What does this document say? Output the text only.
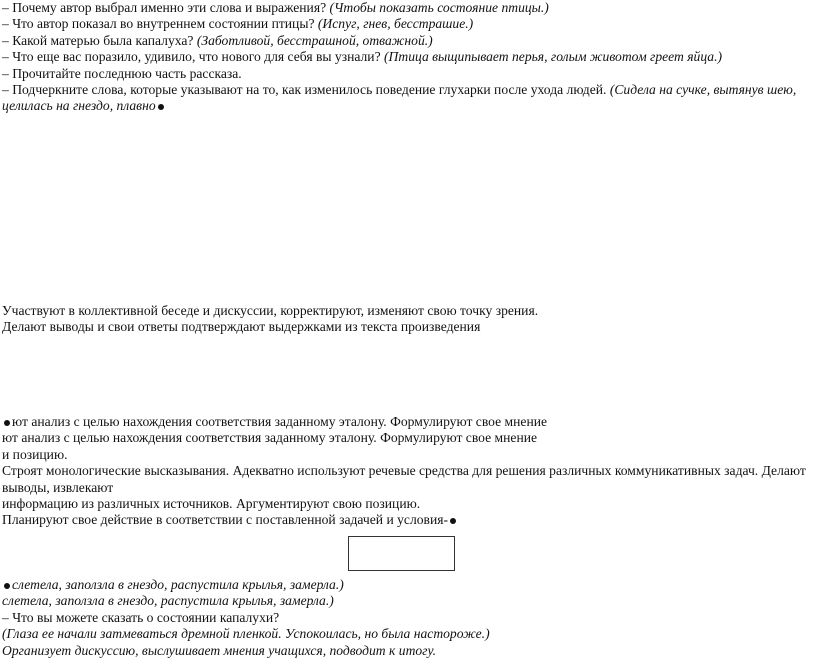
– Почему автор выбрал именно эти слова и выражения? (Чтобы показать состояние птицы.)
– Что автор показал во внутреннем состоянии птицы? (Испуг, гнев, бесстрашие.)
– Какой матерью была капалуха? (Заботливой, бесстрашной, отважной.)
– Что еще вас поразило, удивило, что нового для себя вы узнали? (Птица выщипывает перья, голым животом греет яйца.)
– Прочитайте последнюю часть рассказа.
– Подчеркните слова, которые указывают на то, как изменилось поведение глухарки после ухода людей. (Сидела на сучке, вытянув шею,
целилась на гнездо, плавно
Участвуют в коллективной беседе и дискуссии, корректируют, изменяют свою точку зрения.
Делают выводы и свои ответы подтверждают выдержками из текста произведения
ют анализ с целью нахождения соответствия заданному эталону. Формулируют свое мнение
ют анализ с целью нахождения соответствия заданному эталону. Формулируют свое мнение
и позицию.
Строят монологические высказывания. Адекватно используют речевые средства для решения различных коммуникативных задач. Делают
выводы, извлекают
информацию из различных источников. Аргументируют свою позицию.
Планируют свое действие в соответствии с поставленной задачей и условия-
слетела, заползла в гнездо, распустила крылья, замерла.)
слетела, заползла в гнездо, распустила крылья, замерла.)
– Что вы можете сказать о состоянии капалухи?
(Глаза ее начали затмеваться дремной пленкой. Успокоилась, но была настороже.)
Организует дискуссию, выслушивает мнения учащихся, подводит к итогу.
